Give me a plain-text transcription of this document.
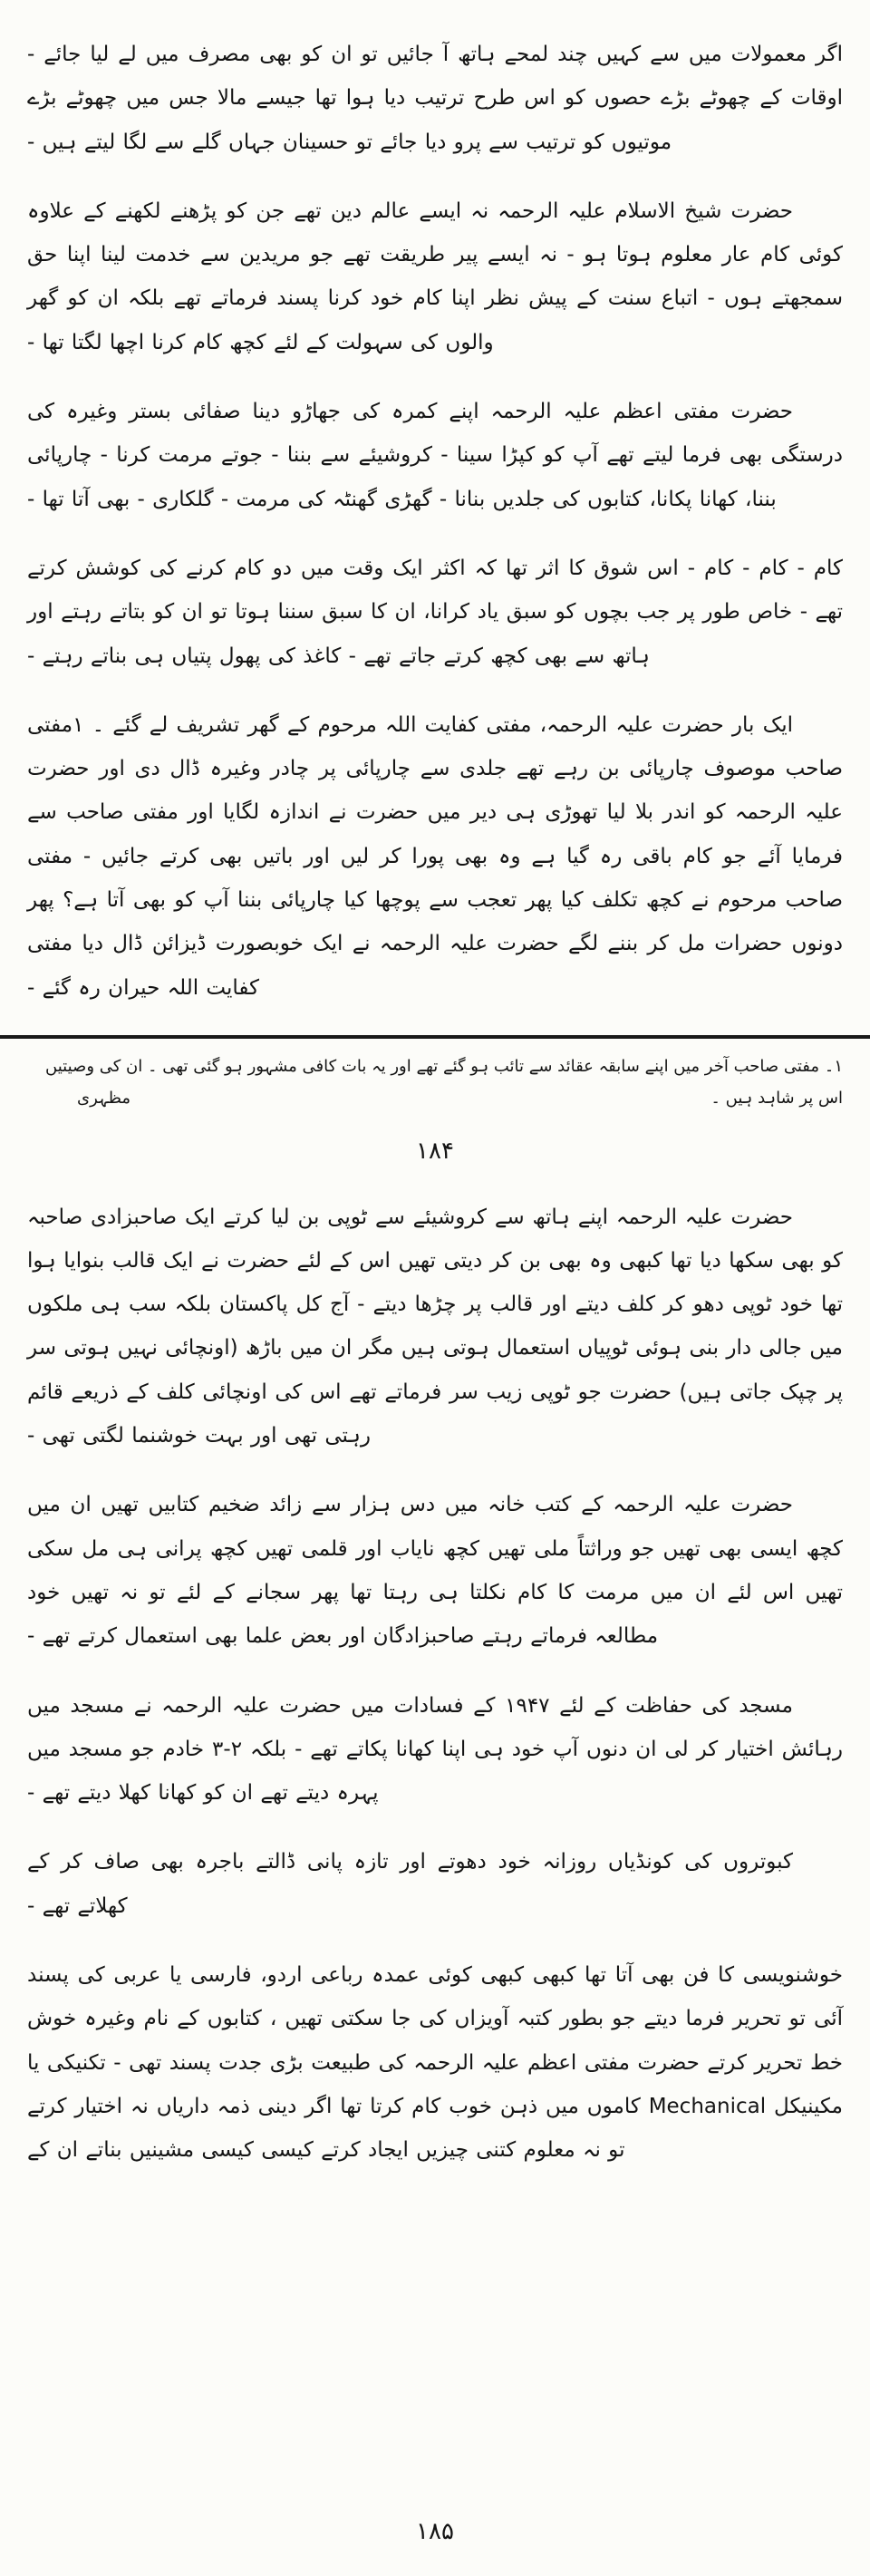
اگر معمولات میں سے کہیں چند لمحے ہاتھ آ جائیں تو ان کو بھی مصرف میں لے لیا جائے - اوقات کے چھوٹے بڑے حصوں کو اس طرح ترتیب دیا ہوا تھا جیسے مالا جس میں چھوٹے بڑے موتیوں کو ترتیب سے پرو دیا جائے تو حسینان جہاں گلے سے لگا لیتے ہیں -

حضرت شیخ الاسلام علیہ الرحمہ نہ ایسے عالم دین تھے جن کو پڑھنے لکھنے کے علاوہ کوئی کام عار معلوم ہوتا ہو - نہ ایسے پیر طریقت تھے جو مریدین سے خدمت لینا اپنا حق سمجھتے ہوں - اتباع سنت کے پیش نظر اپنا کام خود کرنا پسند فرماتے تھے بلکہ ان کو گھر والوں کی سہولت کے لئے کچھ کام کرنا اچھا لگتا تھا -

حضرت مفتی اعظم علیہ الرحمہ اپنے کمرہ کی جھاڑو دینا صفائی بستر وغیرہ کی درستگی بھی فرما لیتے تھے آپ کو کپڑا سینا - کروشیئے سے بننا - جوتے مرمت کرنا - چارپائی بننا، کھانا پکانا، کتابوں کی جلدیں بنانا - گھڑی گھنٹہ کی مرمت - گلکاری - بھی آتا تھا -

کام - کام - کام - اس شوق کا اثر تھا کہ اکثر ایک وقت میں دو کام کرنے کی کوشش کرتے تھے - خاص طور پر جب بچوں کو سبق یاد کرانا، ان کا سبق سننا ہوتا تو ان کو بتاتے رہتے اور ہاتھ سے بھی کچھ کرتے جاتے تھے - کاغذ کی پھول پتیاں ہی بناتے رہتے -

ایک بار حضرت علیہ الرحمہ، مفتی کفایت اللہ مرحوم کے گھر تشریف لے گئے ۔ ۱مفتی صاحب موصوف چارپائی بن رہے تھے جلدی سے چارپائی پر چادر وغیرہ ڈال دی اور حضرت علیہ الرحمہ کو اندر بلا لیا تھوڑی ہی دیر میں حضرت نے اندازہ لگایا اور مفتی صاحب سے فرمایا آئے جو کام باقی رہ گیا ہے وہ بھی پورا کر لیں اور باتیں بھی کرتے جائیں - مفتی صاحب مرحوم نے کچھ تکلف کیا پھر تعجب سے پوچھا کیا چارپائی بننا آپ کو بھی آتا ہے؟ پھر دونوں حضرات مل کر بننے لگے حضرت علیہ الرحمہ نے ایک خوبصورت ڈیزائن ڈال دیا مفتی کفایت اللہ حیران رہ گئے -

۱۔ مفتی صاحب آخر میں اپنے سابقہ عقائد سے تائب ہو گئے تھے اور یہ بات کافی مشہور ہو گئی تھی ۔ ان کی وصیتیں

اس پر شاہد ہیں ۔
مظہری
۱۸۴

حضرت علیہ الرحمہ اپنے ہاتھ سے کروشیئے سے ٹوپی بن لیا کرتے ایک صاحبزادی صاحبہ کو بھی سکھا دیا تھا کبھی وہ بھی بن کر دیتی تھیں اس کے لئے حضرت نے ایک قالب بنوایا ہوا تھا خود ٹوپی دھو کر کلف دیتے اور قالب پر چڑھا دیتے - آج کل پاکستان بلکہ سب ہی ملکوں میں جالی دار بنی ہوئی ٹوپیاں استعمال ہوتی ہیں مگر ان میں باڑھ (اونچائی نہیں ہوتی سر پر چپک جاتی ہیں) حضرت جو ٹوپی زیب سر فرماتے تھے اس کی اونچائی کلف کے ذریعے قائم رہتی تھی اور بہت خوشنما لگتی تھی -

حضرت علیہ الرحمہ کے کتب خانہ میں دس ہزار سے زائد ضخیم کتابیں تھیں ان میں کچھ ایسی بھی تھیں جو وراثتاً ملی تھیں کچھ نایاب اور قلمی تھیں کچھ پرانی ہی مل سکی تھیں اس لئے ان میں مرمت کا کام نکلتا ہی رہتا تھا پھر سجانے کے لئے تو نہ تھیں خود مطالعہ فرماتے رہتے صاحبزادگان اور بعض علما بھی استعمال کرتے تھے -

مسجد کی حفاظت کے لئے ۱۹۴۷ کے فسادات میں حضرت علیہ الرحمہ نے مسجد میں رہائش اختیار کر لی ان دنوں آپ خود ہی اپنا کھانا پکاتے تھے - بلکہ ۲-۳ خادم جو مسجد میں پہرہ دیتے تھے ان کو کھانا کھلا دیتے تھے -

کبوتروں کی کونڈیاں روزانہ خود دھوتے اور تازہ پانی ڈالتے باجرہ بھی صاف کر کے کھلاتے تھے -

خوشنویسی کا فن بھی آتا تھا کبھی کبھی کوئی عمدہ رباعی اردو، فارسی یا عربی کی پسند آئی تو تحریر فرما دیتے جو بطور کتبہ آویزاں کی جا سکتی تھیں ، کتابوں کے نام وغیرہ خوش خط تحریر کرتے حضرت مفتی اعظم علیہ الرحمہ کی طبیعت بڑی جدت پسند تھی - تکنیکی یا مکینیکل Mechanical کاموں میں ذہن خوب کام کرتا تھا اگر دینی ذمہ داریاں نہ اختیار کرتے تو نہ معلوم کتنی چیزیں ایجاد کرتے کیسی کیسی مشینیں بناتے ان کے

۱۸۵
